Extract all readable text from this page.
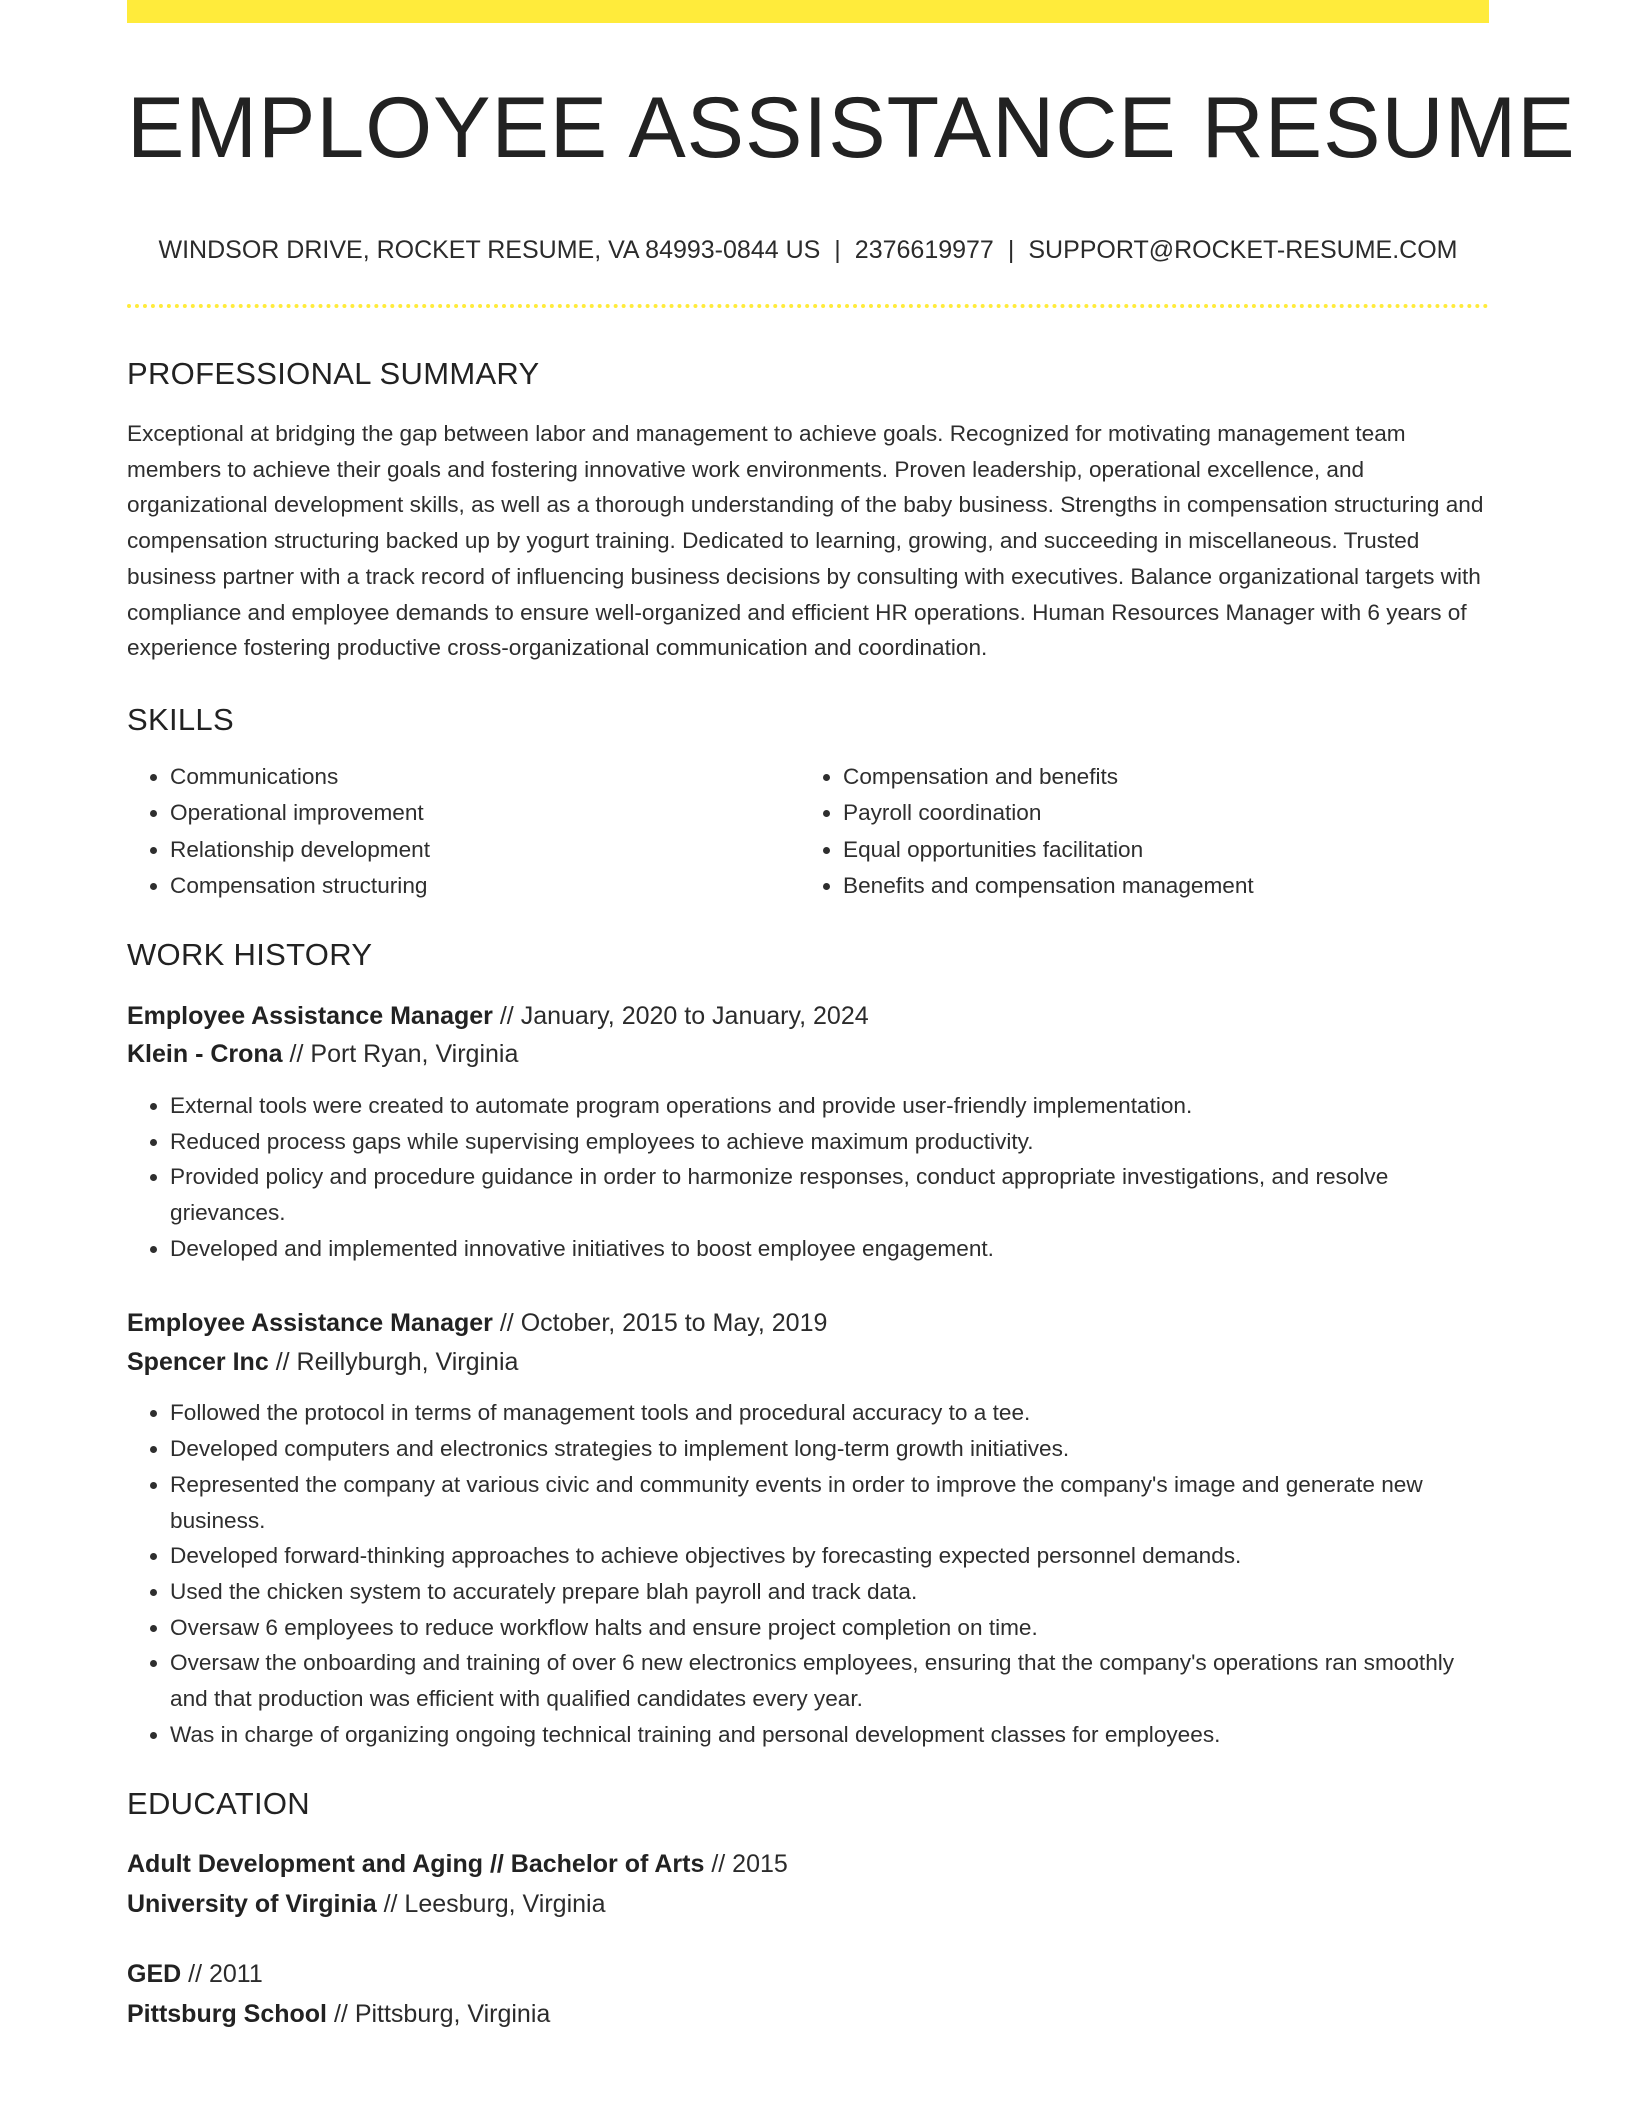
EMPLOYEE ASSISTANCE RESUME
WINDSOR DRIVE, ROCKET RESUME, VA 84993-0844 US | 2376619977 | SUPPORT@ROCKET-RESUME.COM
PROFESSIONAL SUMMARY

Exceptional at bridging the gap between labor and management to achieve goals. Recognized for motivating management team members to achieve their goals and fostering innovative work environments. Proven leadership, operational excellence, and organizational development skills, as well as a thorough understanding of the baby business. Strengths in compensation structuring and compensation structuring backed up by yogurt training. Dedicated to learning, growing, and succeeding in miscellaneous. Trusted business partner with a track record of influencing business decisions by consulting with executives. Balance organizational targets with compliance and employee demands to ensure well-organized and efficient HR operations. Human Resources Manager with 6 years of experience fostering productive cross-organizational communication and coordination.

SKILLS
• Communications
• Operational improvement
• Relationship development
• Compensation structuring
• Compensation and benefits
• Payroll coordination
• Equal opportunities facilitation
• Benefits and compensation management
WORK HISTORY
Employee Assistance Manager // January, 2020 to January, 2024
Klein - Crona // Port Ryan, Virginia
• External tools were created to automate program operations and provide user-friendly implementation.
• Reduced process gaps while supervising employees to achieve maximum productivity.
• Provided policy and procedure guidance in order to harmonize responses, conduct appropriate investigations, and resolve grievances.
• Developed and implemented innovative initiatives to boost employee engagement.
Employee Assistance Manager // October, 2015 to May, 2019
Spencer Inc // Reillyburgh, Virginia
• Followed the protocol in terms of management tools and procedural accuracy to a tee.
• Developed computers and electronics strategies to implement long-term growth initiatives.
• Represented the company at various civic and community events in order to improve the company's image and generate new business.
• Developed forward-thinking approaches to achieve objectives by forecasting expected personnel demands.
• Used the chicken system to accurately prepare blah payroll and track data.
• Oversaw 6 employees to reduce workflow halts and ensure project completion on time.
• Oversaw the onboarding and training of over 6 new electronics employees, ensuring that the company's operations ran smoothly and that production was efficient with qualified candidates every year.
• Was in charge of organizing ongoing technical training and personal development classes for employees.
EDUCATION
Adult Development and Aging // Bachelor of Arts // 2015
University of Virginia // Leesburg, Virginia
GED // 2011
Pittsburg School // Pittsburg, Virginia
